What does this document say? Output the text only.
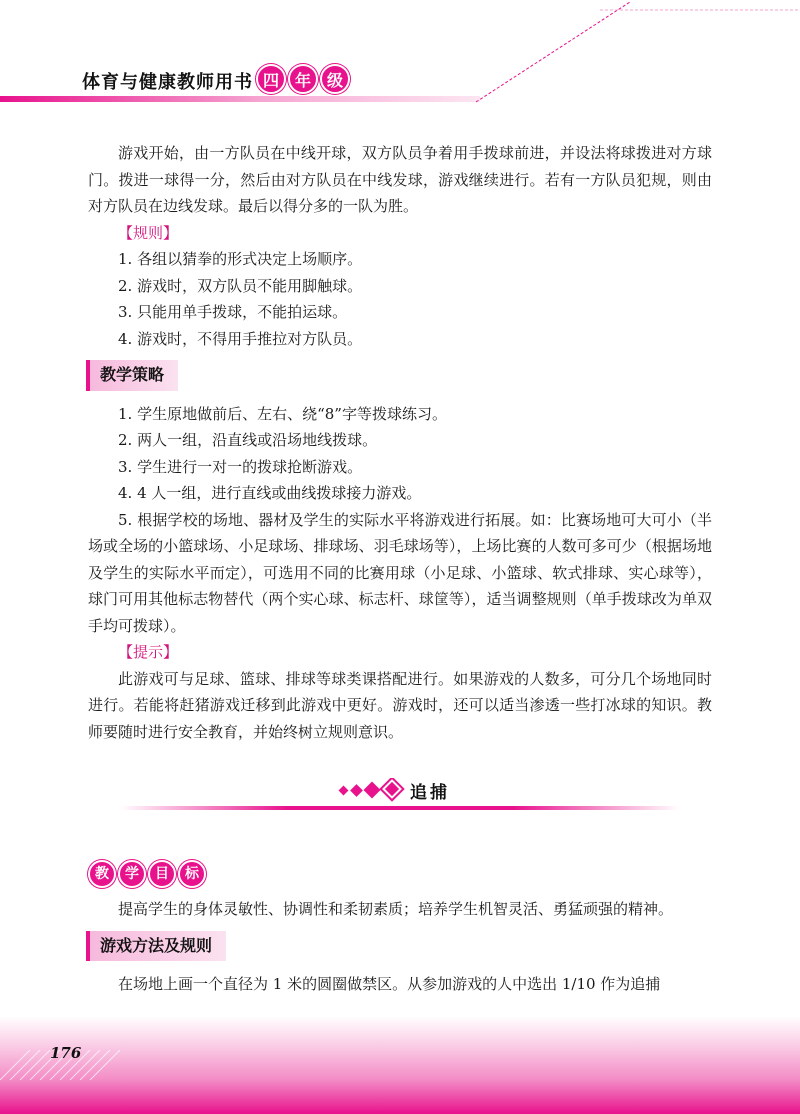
体育与健康教师用书 四 年 级

游戏开始，由一方队员在中线开球，双方队员争着用手拨球前进，并设法将球拨进对方球门。拨进一球得一分，然后由对方队员在中线发球，游戏继续进行。若有一方队员犯规，则由对方队员在边线发球。最后以得分多的一队为胜。

【规则】

1. 各组以猜拳的形式决定上场顺序。

2. 游戏时，双方队员不能用脚触球。

3. 只能用单手拨球，不能拍运球。

4. 游戏时，不得用手推拉对方队员。

教学策略

1. 学生原地做前后、左右、绕“8”字等拨球练习。

2. 两人一组，沿直线或沿场地线拨球。

3. 学生进行一对一的拨球抢断游戏。

4. 4 人一组，进行直线或曲线拨球接力游戏。

5. 根据学校的场地、器材及学生的实际水平将游戏进行拓展。如：比赛场地可大可小（半场或全场的小篮球场、小足球场、排球场、羽毛球场等），上场比赛的人数可多可少（根据场地及学生的实际水平而定），可选用不同的比赛用球（小足球、小篮球、软式排球、实心球等），球门可用其他标志物替代（两个实心球、标志杆、球筐等），适当调整规则（单手拨球改为单双手均可拨球）。

【提示】

此游戏可与足球、篮球、排球等球类课搭配进行。如果游戏的人数多，可分几个场地同时进行。若能将赶猪游戏迁移到此游戏中更好。游戏时，还可以适当渗透一些打冰球的知识。教师要随时进行安全教育，并始终树立规则意识。

追捕
教	学	目	标

提高学生的身体灵敏性、协调性和柔韧素质；培养学生机智灵活、勇猛顽强的精神。

游戏方法及规则

在场地上画一个直径为 1 米的圆圈做禁区。从参加游戏的人中选出 1/10 作为追捕

176
